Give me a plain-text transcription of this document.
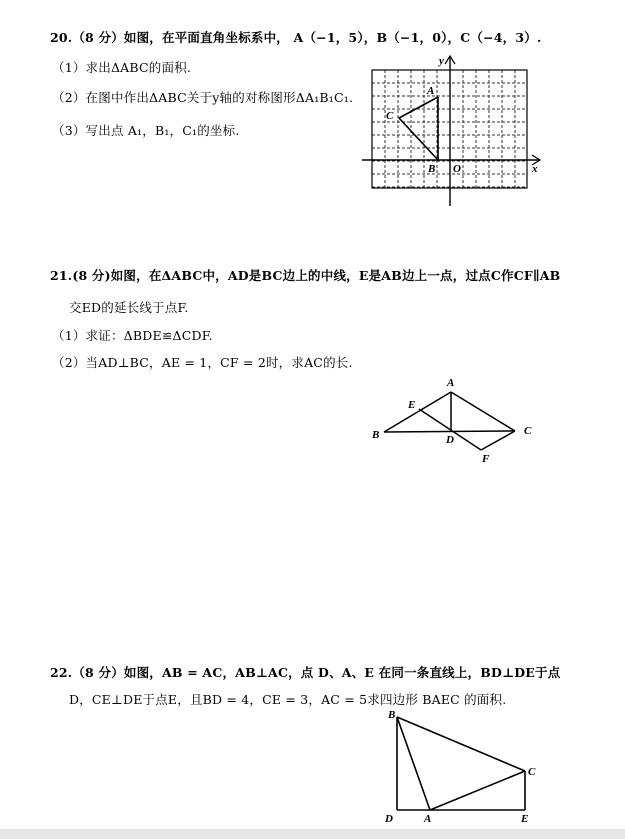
20.（8 分）如图，在平面直角坐标系中， A（−1，5），B（−1，0），C（−4，3）.
（1）求出ΔABC的面积.
（2）在图中作出ΔABC关于y轴的对称图形ΔA₁B₁C₁.
（3）写出点 A₁，B₁，C₁的坐标.
y
x
A
C
B O
21.(8 分)如图，在ΔABC中，AD是BC边上的中线，E是AB边上一点，过点C作CF∥AB
交ED的延长线于点F.
（1）求证：ΔBDE≌ΔCDF.
（2）当AD⊥BC，AE = 1，CF = 2时，求AC的长.
A
E
B	D
C
F
22.（8 分）如图，AB = AC，AB⊥AC，点 D、A、E 在同一条直线上，BD⊥DE于点
D，CE⊥DE于点E，且BD = 4，CE = 3，AC = 5求四边形 BAEC 的面积.
B
C
D	A	E
